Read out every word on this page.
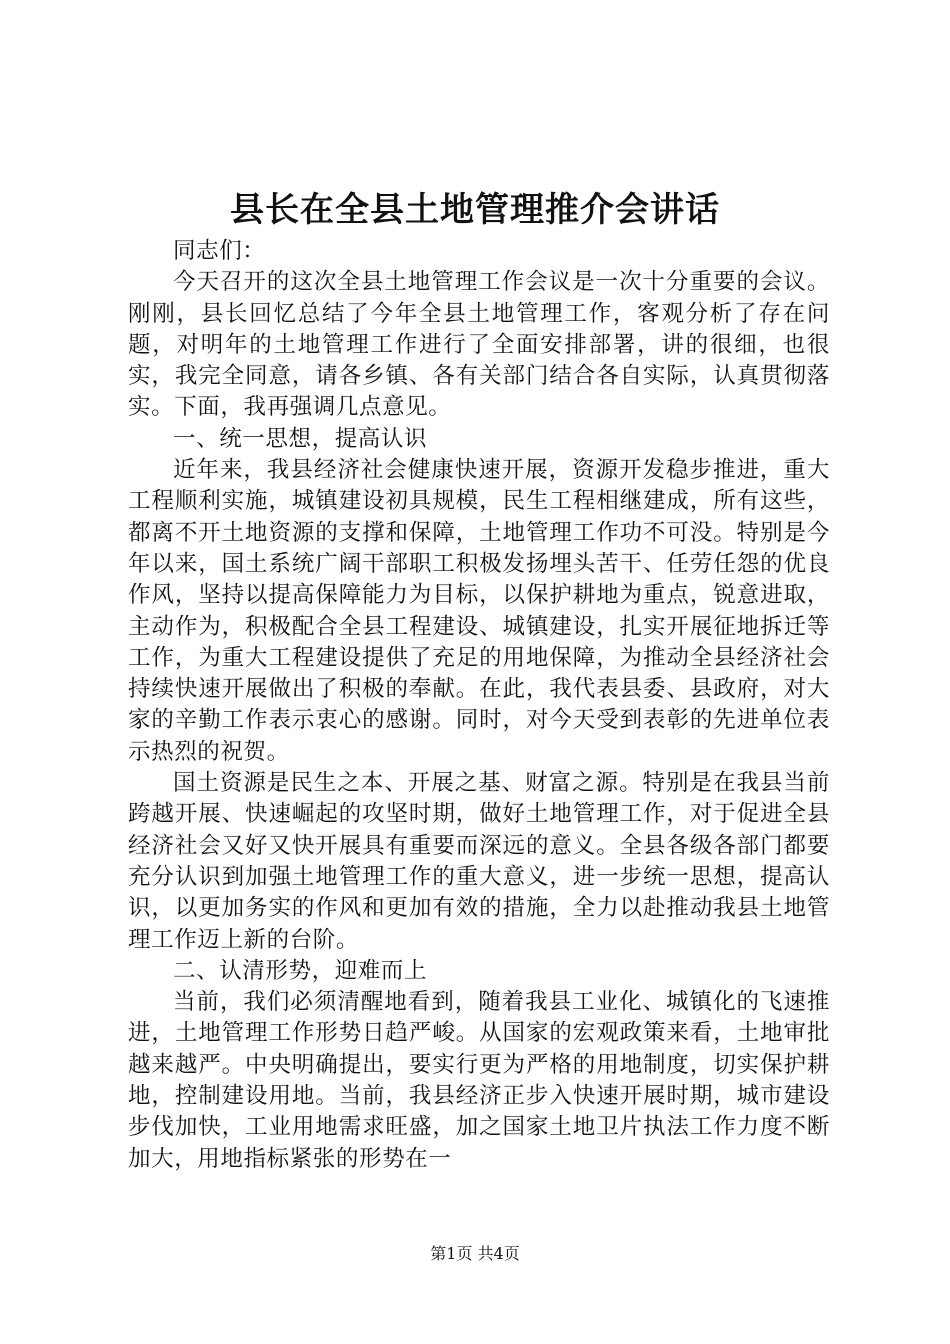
县长在全县土地管理推介会讲话

同志们：

今天召开的这次全县土地管理工作会议是一次十分重要的会议。刚刚，县长回忆总结了今年全县土地管理工作，客观分析了存在问题，对明年的土地管理工作进行了全面安排部署，讲的很细，也很实，我完全同意，请各乡镇、各有关部门结合各自实际，认真贯彻落实。下面，我再强调几点意见。

一、统一思想，提高认识

近年来，我县经济社会健康快速开展，资源开发稳步推进，重大工程顺利实施，城镇建设初具规模，民生工程相继建成，所有这些，都离不开土地资源的支撑和保障，土地管理工作功不可没。特别是今年以来，国土系统广阔干部职工积极发扬埋头苦干、任劳任怨的优良作风，坚持以提高保障能力为目标，以保护耕地为重点，锐意进取，主动作为，积极配合全县工程建设、城镇建设，扎实开展征地拆迁等工作，为重大工程建设提供了充足的用地保障，为推动全县经济社会持续快速开展做出了积极的奉献。在此，我代表县委、县政府，对大家的辛勤工作表示衷心的感谢。同时，对今天受到表彰的先进单位表示热烈的祝贺。

国土资源是民生之本、开展之基、财富之源。特别是在我县当前跨越开展、快速崛起的攻坚时期，做好土地管理工作，对于促进全县经济社会又好又快开展具有重要而深远的意义。全县各级各部门都要充分认识到加强土地管理工作的重大意义，进一步统一思想，提高认识，以更加务实的作风和更加有效的措施，全力以赴推动我县土地管理工作迈上新的台阶。

二、认清形势，迎难而上

当前，我们必须清醒地看到，随着我县工业化、城镇化的飞速推进，土地管理工作形势日趋严峻。从国家的宏观政策来看，土地审批越来越严。中央明确提出，要实行更为严格的用地制度，切实保护耕地，控制建设用地。当前，我县经济正步入快速开展时期，城市建设步伐加快，工业用地需求旺盛，加之国家土地卫片执法工作力度不断加大，用地指标紧张的形势在一

第1页 共4页
